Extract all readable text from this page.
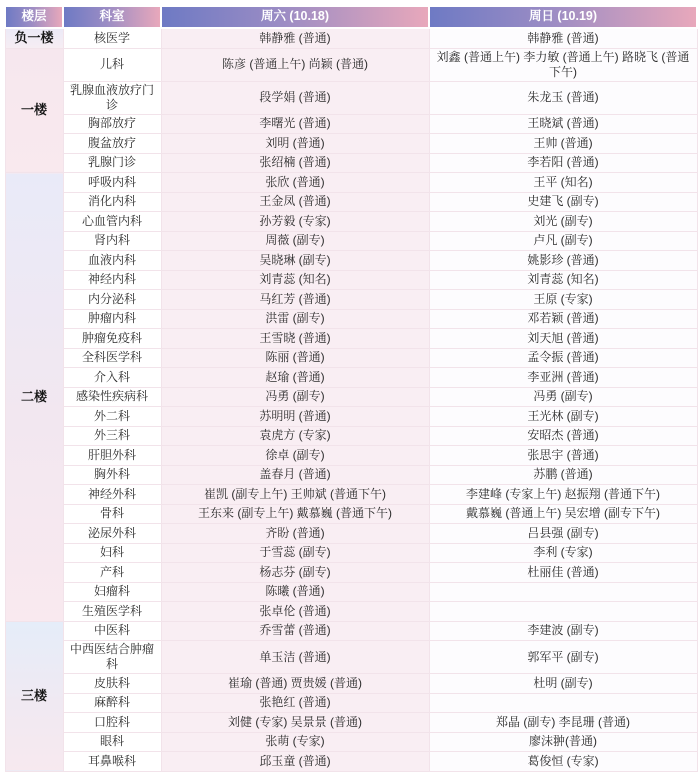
楼层	科室	周六 (10.18)	周日 (10.19)
负一楼	核医学	韩静雅 (普通)	韩静雅 (普通)
一楼	儿科	陈彦 (普通上午) 尚颖 (普通)	刘鑫 (普通上午) 李力敏 (普通上午) 路晓飞 (普通下午)
	乳腺血液放疗门诊	段学娟 (普通)	朱龙玉 (普通)
	胸部放疗	李曙光 (普通)	王晓斌 (普通)
	腹盆放疗	刘明 (普通)	王帅 (普通)
	乳腺门诊	张绍楠 (普通)	李若阳 (普通)
二楼	呼吸内科	张欣 (普通)	王平 (知名)
	消化内科	王金凤 (普通)	史建飞 (副专)
	心血管内科	孙芳毅 (专家)	刘光 (副专)
	肾内科	周薇 (副专)	卢凡 (副专)
	血液内科	吴晓琳 (副专)	姚影珍 (普通)
	神经内科	刘青蕊 (知名)	刘青蕊 (知名)
	内分泌科	马红芳 (普通)	王原 (专家)
	肿瘤内科	洪雷 (副专)	邓若颖 (普通)
	肿瘤免疫科	王雪晓 (普通)	刘天旭 (普通)
	全科医学科	陈丽 (普通)	孟令振 (普通)
	介入科	赵瑜 (普通)	李亚洲 (普通)
	感染性疾病科	冯勇 (副专)	冯勇 (副专)
	外二科	苏明明 (普通)	王光林 (副专)
	外三科	袁虎方 (专家)	安昭杰 (普通)
	肝胆外科	徐卓 (副专)	张思宇 (普通)
	胸外科	盖春月 (普通)	苏鹏 (普通)
	神经外科	崔凯 (副专上午) 王帅斌 (普通下午)	李建峰 (专家上午) 赵振翔 (普通下午)
	骨科	王东来 (副专上午) 戴慕巍 (普通下午)	戴慕巍 (普通上午) 吴宏增 (副专下午)
	泌尿外科	齐盼 (普通)	吕县强 (副专)
	妇科	于雪蕊 (副专)	李利 (专家)
	产科	杨志芬 (副专)	杜丽佳 (普通)
	妇瘤科	陈曦 (普通)	
	生殖医学科	张卓伦 (普通)	
三楼	中医科	乔雪蕾 (普通)	李建波 (副专)
	中西医结合肿瘤科	单玉洁 (普通)	郭军平 (副专)
	皮肤科	崔瑜 (普通) 贾贵媛 (普通)	杜明 (副专)
	麻醉科	张艳红 (普通)	
	口腔科	刘健 (专家) 吴景景 (普通)	郑晶 (副专) 李昆珊 (普通)
	眼科	张萌 (专家)	廖沫翀(普通)
	耳鼻喉科	邱玉童 (普通)	葛俊恒 (专家)
